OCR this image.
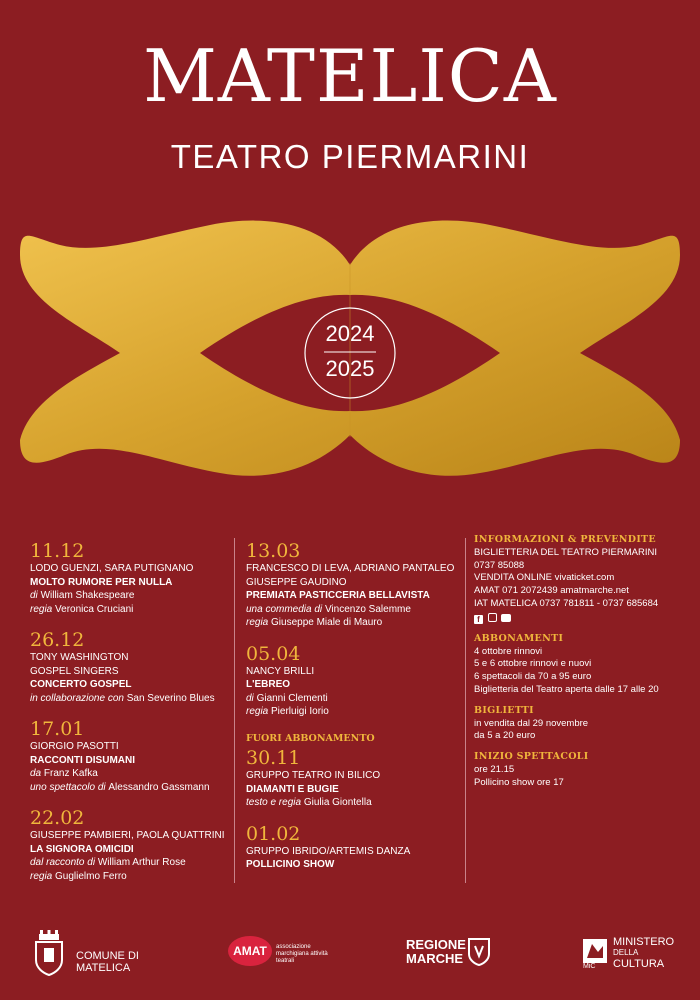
MATELICA
TEATRO PIERMARINI
2024
2025
11.12
LODO GUENZI, SARA PUTIGNANO
MOLTO RUMORE PER NULLA
di William Shakespeare
regia Veronica Cruciani
26.12
TONY WASHINGTON
GOSPEL SINGERS
CONCERTO GOSPEL
in collaborazione con San Severino Blues
17.01
GIORGIO PASOTTI
RACCONTI DISUMANI
da Franz Kafka
uno spettacolo di Alessandro Gassmann
22.02
GIUSEPPE PAMBIERI, PAOLA QUATTRINI
LA SIGNORA OMICIDI
dal racconto di William Arthur Rose
regia Guglielmo Ferro
13.03
FRANCESCO DI LEVA, ADRIANO PANTALEO
GIUSEPPE GAUDINO
PREMIATA PASTICCERIA BELLAVISTA
una commedia di Vincenzo Salemme
regia Giuseppe Miale di Mauro
05.04
NANCY BRILLI
L'EBREO
di Gianni Clementi
regia Pierluigi Iorio
FUORI ABBONAMENTO
30.11
GRUPPO TEATRO IN BILICO
DIAMANTI E BUGIE
testo e regia Giulia Giontella
01.02
GRUPPO IBRIDO/ARTEMIS DANZA
POLLICINO SHOW
INFORMAZIONI & PREVENDITE
BIGLIETTERIA DEL TEATRO PIERMARINI
0737 85088
VENDITA ONLINE vivaticket.com
AMAT 071 2072439 amatmarche.net
IAT MATELICA 0737 781811 - 0737 685684
f
ABBONAMENTI
4 ottobre rinnovi
5 e 6 ottobre rinnovi e nuovi
6 spettacoli da 70 a 95 euro
Biglietteria del Teatro aperta dalle 17 alle 20
BIGLIETTI
in vendita dal 29 novembre
da 5 a 20 euro
INIZIO SPETTACOLI
ore 21.15
Pollicino show ore 17
COMUNE DI
MATELICA
AMAT	associazione marchigiana attività teatrali
REGIONE
MARCHE
MiC
MINISTERO
DELLA
CULTURA
